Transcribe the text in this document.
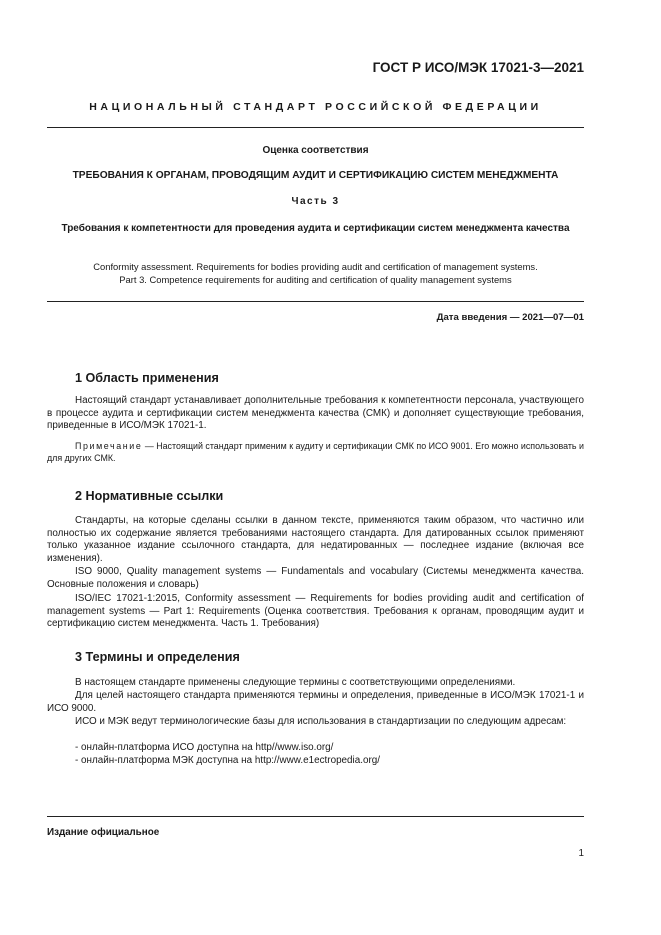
ГОСТ Р ИСО/МЭК 17021-3—2021
НАЦИОНАЛЬНЫЙ СТАНДАРТ РОССИЙСКОЙ ФЕДЕРАЦИИ
Оценка соответствия
ТРЕБОВАНИЯ К ОРГАНАМ, ПРОВОДЯЩИМ АУДИТ И СЕРТИФИКАЦИЮ СИСТЕМ МЕНЕДЖМЕНТА
Часть 3
Требования к компетентности для проведения аудита и сертификации систем менеджмента качества
Conformity assessment. Requirements for bodies providing audit and certification of management systems.
Part 3. Competence requirements for auditing and certification of quality management systems
Дата введения — 2021—07—01
1 Область применения
Настоящий стандарт устанавливает дополнительные требования к компетентности персонала, участвующего в процессе аудита и сертификации систем менеджмента качества (СМК) и дополняет существующие требования, приведенные в ИСО/МЭК 17021-1.
Примечание — Настоящий стандарт применим к аудиту и сертификации СМК по ИСО 9001. Его можно использовать и для других СМК.
2 Нормативные ссылки
Стандарты, на которые сделаны ссылки в данном тексте, применяются таким образом, что частично или полностью их содержание является требованиями настоящего стандарта. Для датированных ссылок применяют только указанное издание ссылочного стандарта, для недатированных — последнее издание (включая все изменения).
ISO 9000, Quality management systems — Fundamentals and vocabulary (Системы менеджмента качества. Основные положения и словарь)
ISO/IEC 17021-1:2015, Conformity assessment — Requirements for bodies providing audit and certification of management systems — Part 1: Requirements (Оценка соответствия. Требования к органам, проводящим аудит и сертификацию систем менеджмента. Часть 1. Требования)
3 Термины и определения
В настоящем стандарте применены следующие термины с соответствующими определениями.
Для целей настоящего стандарта применяются термины и определения, приведенные в ИСО/МЭК 17021-1 и ИСО 9000.
ИСО и МЭК ведут терминологические базы для использования в стандартизации по следующим адресам:
- онлайн-платформа ИСО доступна на http//www.iso.org/
- онлайн-платформа МЭК доступна на http://www.e1ectropedia.org/
Издание официальное
1
